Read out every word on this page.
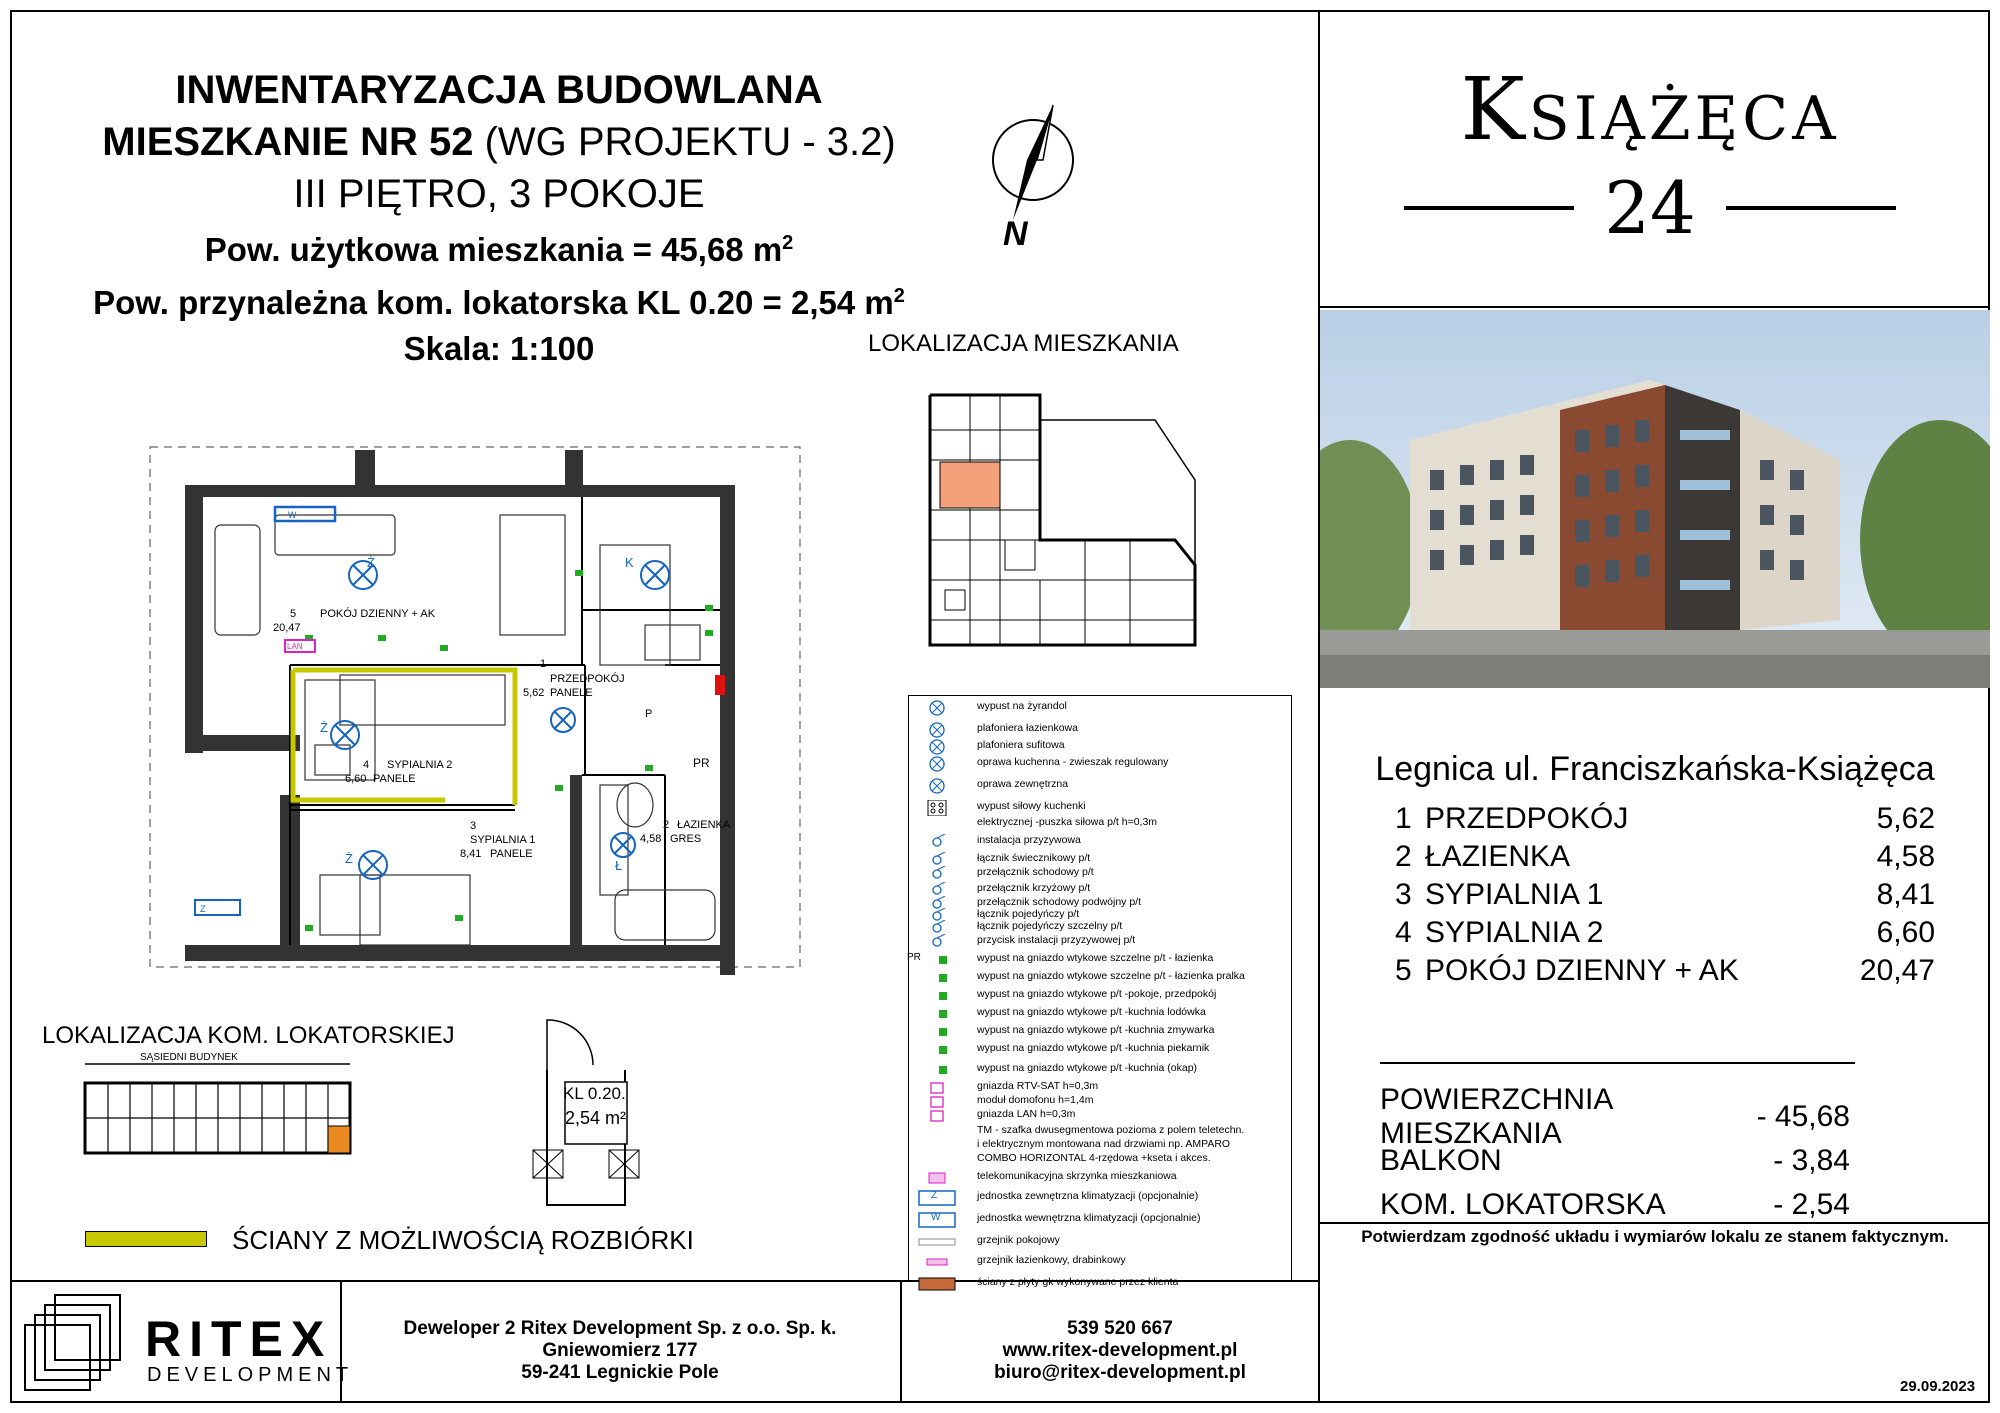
INWENTARYZACJA BUDOWLANA
MIESZKANIE NR 52 (WG PROJEKTU - 3.2)
III PIĘTRO, 3 POKOJE
Pow. użytkowa mieszkania = 45,68 $m^2$
Pow. przynależna kom. lokatorska KL 0.20 = 2,54 $m^2$
Skala: 1:100
N
LOKALIZACJA MIESZKANIA
LAN
Ż	K
Ż
Ż	Ł
W
Z
PR
P
5 POKÓJ DZIENNY + AK
20,47
1
PRZEDPOKÓJ
5,62 PANELE
4 SYPIALNIA 2
6,60 PANELE
3
SYPIALNIA 1
8,41 PANELE
2 ŁAZIENKA
4,58 GRES
LOKALIZACJA KOM. LOKATORSKIEJ
SĄSIEDNI BUDYNEK
KL 0.20.
2,54 m²
ŚCIANY Z MOŻLIWOŚCIĄ ROZBIÓRKI
wypust na żyrandol
plafoniera łazienkowa
plafoniera sufitowa
oprawa kuchenna - zwieszak regulowany
oprawa zewnętrzna
wypust siłowy kuchenki
elektrycznej -puszka siłowa p/t h=0,3m
instalacja przyzywowa
łącznik świecznikowy p/t
przełącznik schodowy p/t
przełącznik krzyżowy p/t
przełącznik schodowy podwójny p/t
łącznik pojedyńczy p/t
łącznik pojedyńczy szczelny p/t
przycisk instalacji przyzywowej p/t
PR	wypust na gniazdo wtykowe szczelne p/t - łazienka
wypust na gniazdo wtykowe szczelne p/t - łazienka pralka
wypust na gniazdo wtykowe p/t -pokoje, przedpokój
wypust na gniazdo wtykowe p/t -kuchnia lodówka
wypust na gniazdo wtykowe p/t -kuchnia zmywarka
wypust na gniazdo wtykowe p/t -kuchnia piekarnik
wypust na gniazdo wtykowe p/t -kuchnia (okap)
gniazda RTV-SAT h=0,3m
moduł domofonu h=1,4m
gniazda LAN h=0,3m
TM - szafka dwusegmentowa pozioma z polem teletechn.
i elektrycznym montowana nad drzwiami np. AMPARO
COMBO HORIZONTAL 4-rzędowa +kseta i akces.
telekomunikacyjna skrzynka mieszkaniowa
Z	jednostka zewnętrzna klimatyzacji (opcjonalnie)
W	jednostka wewnętrzna klimatyzacji (opcjonalnie)
grzejnik pokojowy
grzejnik łazienkowy, drabinkowy
ściany z płyty gk wykonywane przez klienta
Książęca
24
Legnica ul. Franciszkańska-Książęca
1 PRZEDPOKÓJ	5,62
2 ŁAZIENKA	4,58
3 SYPIALNIA 1	8,41
4 SYPIALNIA 2	6,60
5 POKÓJ DZIENNY + AK	20,47
POWIERZCHNIA MIESZKANIA
- 45,68
BALKON	- 3,84
KOM. LOKATORSKA	- 2,54
Potwierdzam zgodność układu i wymiarów lokalu ze stanem faktycznym.
29.09.2023
RITEX
DEVELOPMENT
Deweloper 2 Ritex Development Sp. z o.o. Sp. k.
Gniewomierz 177
59-241 Legnickie Pole
539 520 667
www.ritex-development.pl
biuro@ritex-development.pl
